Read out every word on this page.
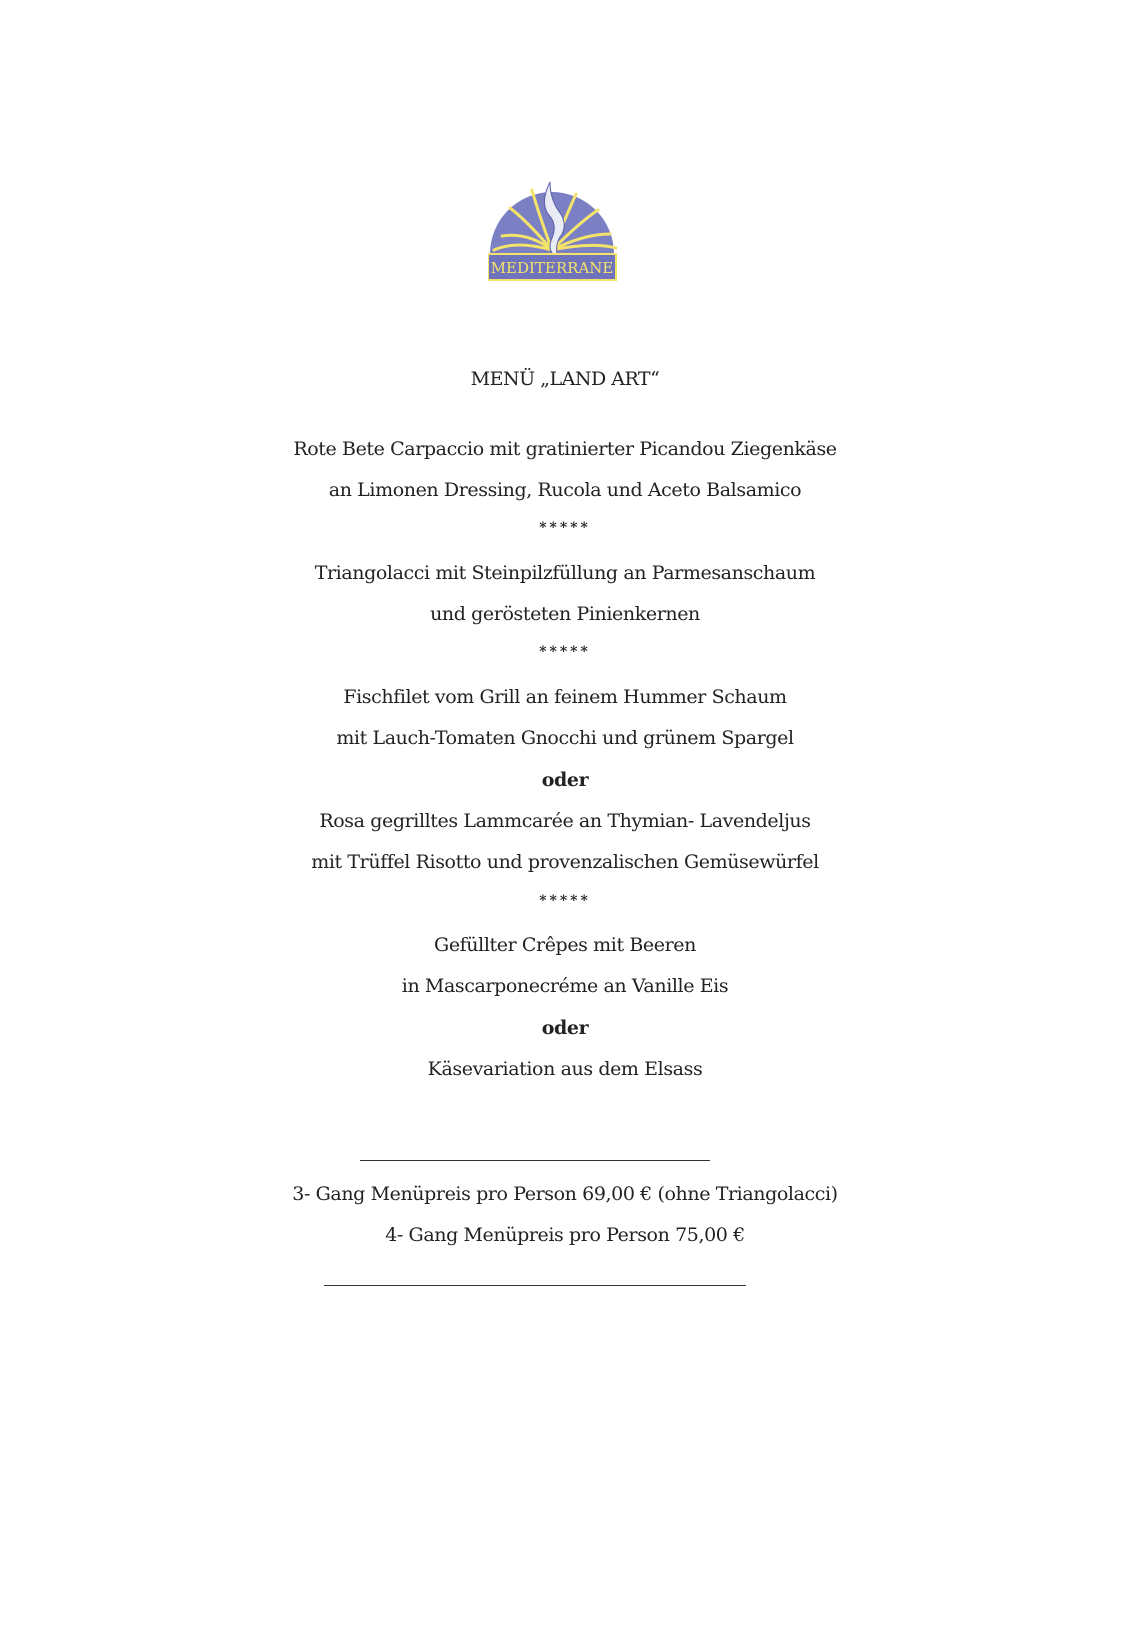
MEDITERRANE
MENÜ „LAND ART“
Rote Bete Carpaccio mit gratinierter Picandou Ziegenkäse
an Limonen Dressing, Rucola und Aceto Balsamico
*****
Triangolacci mit Steinpilzfüllung an Parmesanschaum
und gerösteten Pinienkernen
*****
Fischfilet vom Grill an feinem Hummer Schaum
mit Lauch-Tomaten Gnocchi und grünem Spargel
oder
Rosa gegrilltes Lammcarée an Thymian- Lavendeljus
mit Trüffel Risotto und provenzalischen Gemüsewürfel
*****
Gefüllter Crêpes mit Beeren
in Mascarponecréme an Vanille Eis
oder
Käsevariation aus dem Elsass
3- Gang Menüpreis pro Person 69,00 € (ohne Triangolacci)
4- Gang Menüpreis pro Person 75,00 €
